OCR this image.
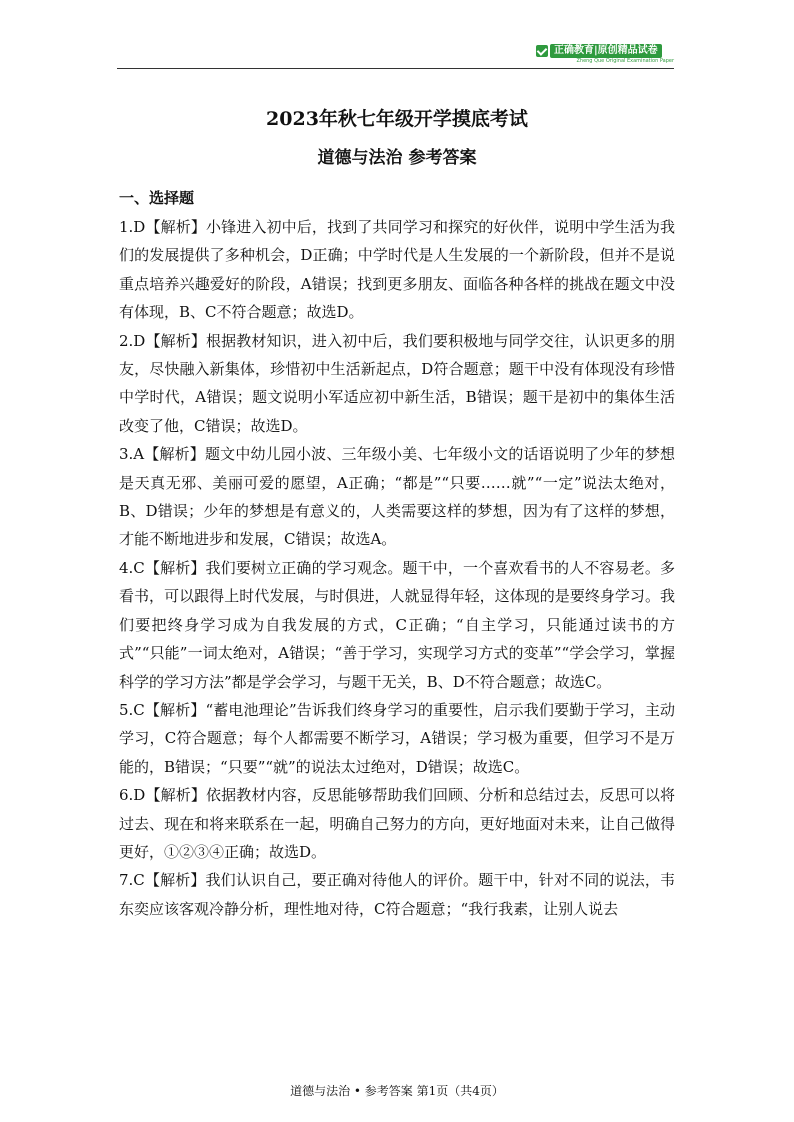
正确教育|原创精品试卷
Zheng Que Original Examination Paper
2023年秋七年级开学摸底考试
道德与法治 参考答案
一、选择题

1.D【解析】小锋进入初中后，找到了共同学习和探究的好伙伴，说明中学生活为我们的发展提供了多种机会，D正确；中学时代是人生发展的一个新阶段，但并不是说重点培养兴趣爱好的阶段，A错误；找到更多朋友、面临各种各样的挑战在题文中没有体现，B、C不符合题意；故选D。

2.D【解析】根据教材知识，进入初中后，我们要积极地与同学交往，认识更多的朋友，尽快融入新集体，珍惜初中生活新起点，D符合题意；题干中没有体现没有珍惜中学时代，A错误；题文说明小军适应初中新生活，B错误；题干是初中的集体生活改变了他，C错误；故选D。

3.A【解析】题文中幼儿园小波、三年级小美、七年级小文的话语说明了少年的梦想是天真无邪、美丽可爱的愿望，A正确；“都是”“只要……就”“一定”说法太绝对，B、D错误；少年的梦想是有意义的，人类需要这样的梦想，因为有了这样的梦想，才能不断地进步和发展，C错误；故选A。

4.C【解析】我们要树立正确的学习观念。题干中，一个喜欢看书的人不容易老。多看书，可以跟得上时代发展，与时俱进，人就显得年轻，这体现的是要终身学习。我们要把终身学习成为自我发展的方式，C正确；“自主学习，只能通过读书的方式”“只能”一词太绝对，A错误；“善于学习，实现学习方式的变革”“学会学习，掌握科学的学习方法”都是学会学习，与题干无关，B、D不符合题意；故选C。

5.C【解析】“蓄电池理论”告诉我们终身学习的重要性，启示我们要勤于学习，主动学习，C符合题意；每个人都需要不断学习，A错误；学习极为重要，但学习不是万能的，B错误；“只要”“就”的说法太过绝对，D错误；故选C。

6.D【解析】依据教材内容，反思能够帮助我们回顾、分析和总结过去，反思可以将过去、现在和将来联系在一起，明确自己努力的方向，更好地面对未来，让自己做得更好，①②③④正确；故选D。

7.C【解析】我们认识自己，要正确对待他人的评价。题干中，针对不同的说法，韦东奕应该客观冷静分析，理性地对待，C符合题意；“我行我素，让别人说去

道德与法治 • 参考答案 第1页（共4页）
